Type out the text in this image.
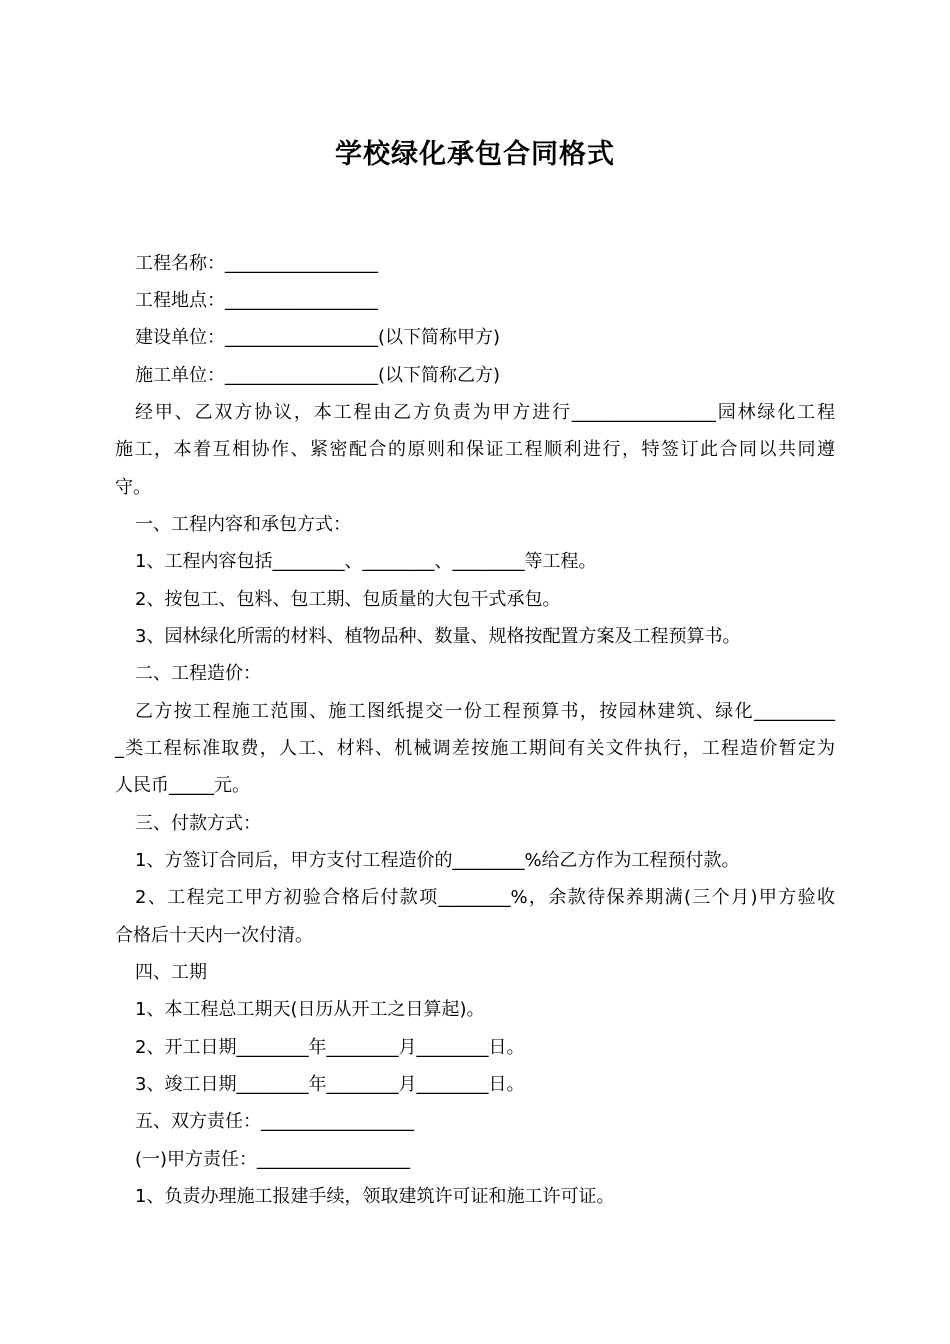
学校绿化承包合同格式
工程名称：_________________
工程地点：_________________
建设单位：_________________(以下简称甲方)
施工单位：_________________(以下简称乙方)
经甲、乙双方协议，本工程由乙方负责为甲方进行________________园林绿化工程
施工，本着互相协作、紧密配合的原则和保证工程顺利进行，特签订此合同以共同遵
守。
一、工程内容和承包方式：
1、工程内容包括________、________、________等工程。
2、按包工、包料、包工期、包质量的大包干式承包。
3、园林绿化所需的材料、植物品种、数量、规格按配置方案及工程预算书。
二、工程造价：
乙方按工程施工范围、施工图纸提交一份工程预算书，按园林建筑、绿化_________
_类工程标准取费，人工、材料、机械调差按施工期间有关文件执行，工程造价暂定为
人民币_____元。
三、付款方式：
1、方签订合同后，甲方支付工程造价的________%给乙方作为工程预付款。
2、工程完工甲方初验合格后付款项________%，余款待保养期满(三个月)甲方验收
合格后十天内一次付清。
四、工期
1、本工程总工期天(日历从开工之日算起)。
2、开工日期________年________月________日。
3、竣工日期________年________月________日。
五、双方责任：_________________
(一)甲方责任：_________________
1、负责办理施工报建手续，领取建筑许可证和施工许可证。
